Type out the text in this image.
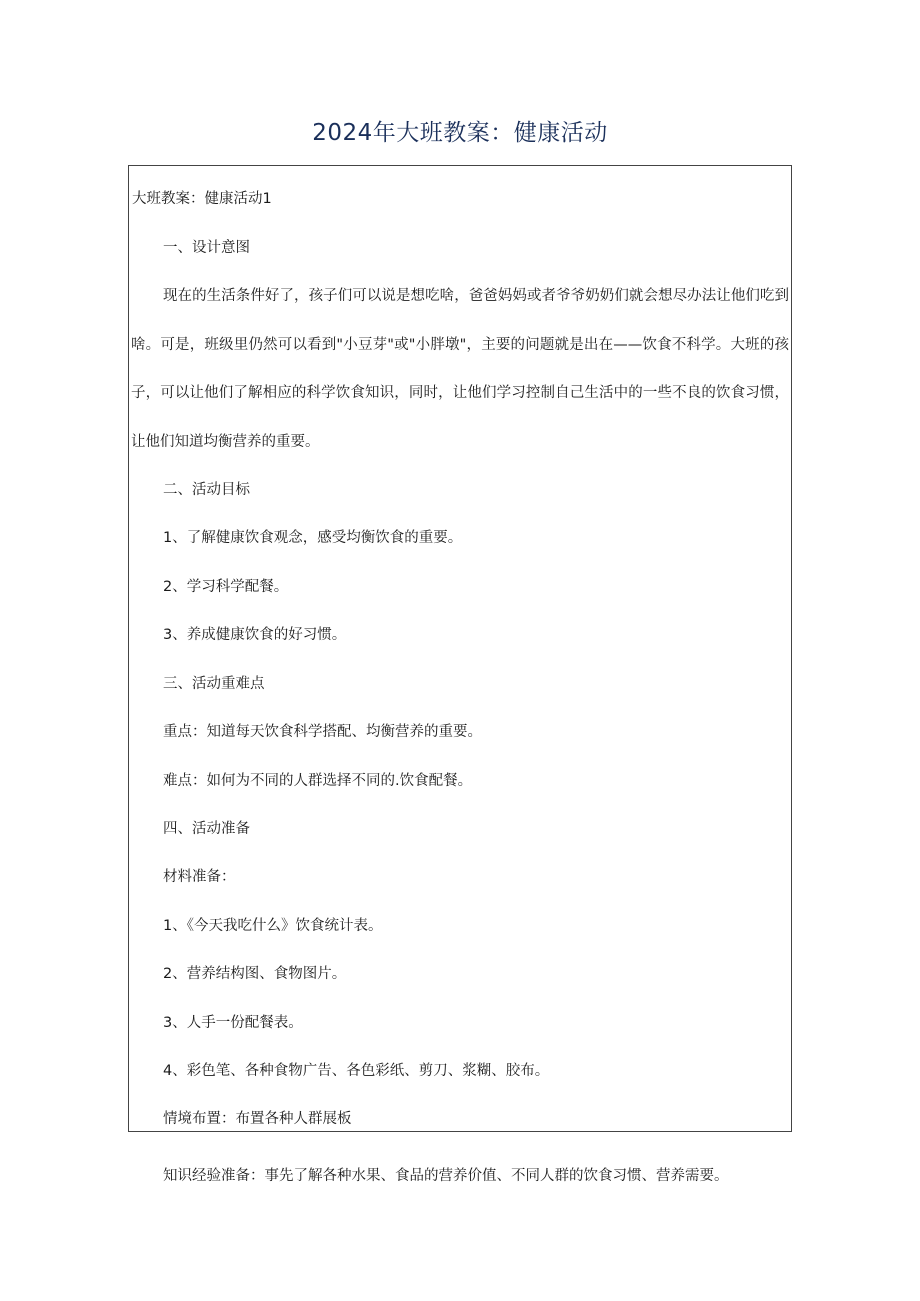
2024年大班教案：健康活动
大班教案：健康活动1
一、设计意图
现在的生活条件好了，孩子们可以说是想吃啥，爸爸妈妈或者爷爷奶奶们就会想尽办法让他们吃到啥。可是，班级里仍然可以看到"小豆芽"或"小胖墩"，主要的问题就是出在——饮食不科学。大班的孩子，可以让他们了解相应的科学饮食知识，同时，让他们学习控制自己生活中的一些不良的饮食习惯，让他们知道均衡营养的重要。
二、活动目标
1、了解健康饮食观念，感受均衡饮食的重要。
2、学习科学配餐。
3、养成健康饮食的好习惯。
三、活动重难点
重点：知道每天饮食科学搭配、均衡营养的重要。
难点：如何为不同的人群选择不同的.饮食配餐。
四、活动准备
材料准备：
1、《今天我吃什么》饮食统计表。
2、营养结构图、食物图片。
3、人手一份配餐表。
4、彩色笔、各种食物广告、各色彩纸、剪刀、浆糊、胶布。
情境布置：布置各种人群展板
知识经验准备：事先了解各种水果、食品的营养价值、不同人群的饮食习惯、营养需要。
